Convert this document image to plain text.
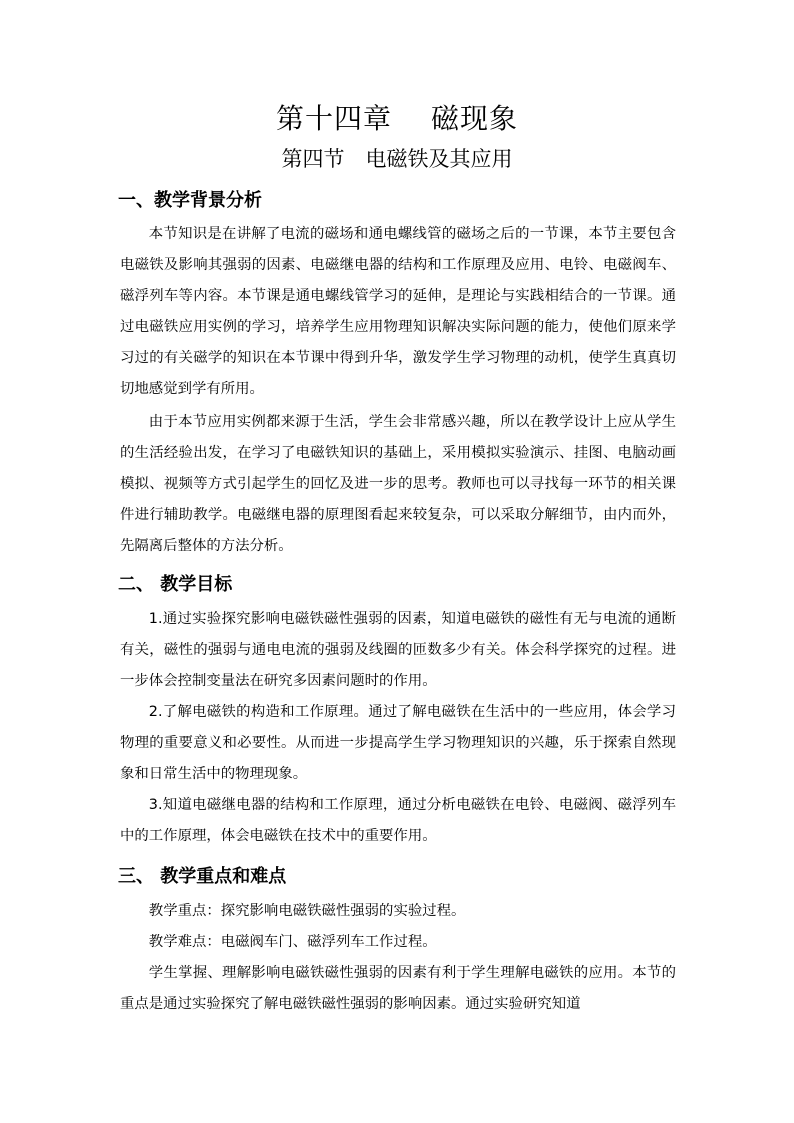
第十四章　 磁现象
第四节　电磁铁及其应用
一、教学背景分析
本节知识是在讲解了电流的磁场和通电螺线管的磁场之后的一节课，本节主要包含电磁铁及影响其强弱的因素、电磁继电器的结构和工作原理及应用、电铃、电磁阀车、磁浮列车等内容。本节课是通电螺线管学习的延伸，是理论与实践相结合的一节课。通过电磁铁应用实例的学习，培养学生应用物理知识解决实际问题的能力，使他们原来学习过的有关磁学的知识在本节课中得到升华，激发学生学习物理的动机，使学生真真切切地感觉到学有所用。
由于本节应用实例都来源于生活，学生会非常感兴趣，所以在教学设计上应从学生的生活经验出发，在学习了电磁铁知识的基础上，采用模拟实验演示、挂图、电脑动画模拟、视频等方式引起学生的回忆及进一步的思考。教师也可以寻找每一环节的相关课件进行辅助教学。电磁继电器的原理图看起来较复杂，可以采取分解细节，由内而外，先隔离后整体的方法分析。
二、 教学目标
1.通过实验探究影响电磁铁磁性强弱的因素，知道电磁铁的磁性有无与电流的通断有关，磁性的强弱与通电电流的强弱及线圈的匝数多少有关。体会科学探究的过程。进一步体会控制变量法在研究多因素问题时的作用。
2.了解电磁铁的构造和工作原理。通过了解电磁铁在生活中的一些应用，体会学习物理的重要意义和必要性。从而进一步提高学生学习物理知识的兴趣，乐于探索自然现象和日常生活中的物理现象。
3.知道电磁继电器的结构和工作原理，通过分析电磁铁在电铃、电磁阀、磁浮列车中的工作原理，体会电磁铁在技术中的重要作用。
三、 教学重点和难点
教学重点：探究影响电磁铁磁性强弱的实验过程。
教学难点：电磁阀车门、磁浮列车工作过程。
学生掌握、理解影响电磁铁磁性强弱的因素有利于学生理解电磁铁的应用。本节的重点是通过实验探究了解电磁铁磁性强弱的影响因素。通过实验研究知道
